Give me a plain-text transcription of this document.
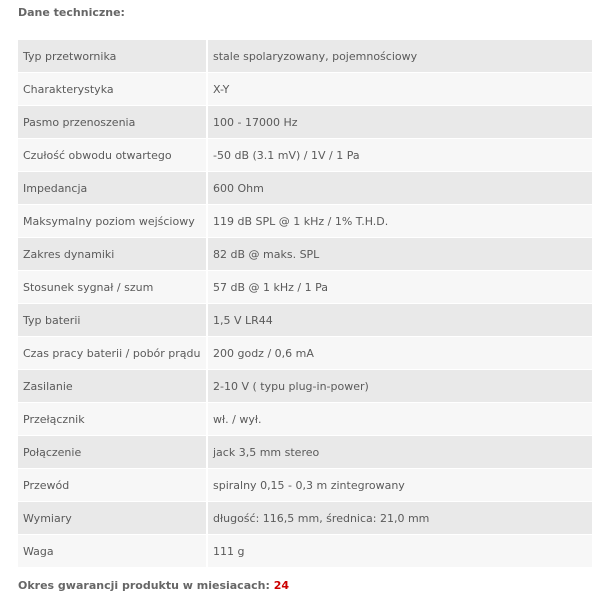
Dane techniczne:
Typ przetwornika	stale spolaryzowany, pojemnościowy
Charakterystyka	X-Y
Pasmo przenoszenia	100 - 17000 Hz
Czułość obwodu otwartego	-50 dB (3.1 mV) / 1V / 1 Pa
Impedancja	600 Ohm
Maksymalny poziom wejściowy	119 dB SPL @ 1 kHz / 1% T.H.D.
Zakres dynamiki	82 dB @ maks. SPL
Stosunek sygnał / szum	57 dB @ 1 kHz / 1 Pa
Typ baterii	1,5 V LR44
Czas pracy baterii / pobór prądu	200 godz / 0,6 mA
Zasilanie	2-10 V ( typu plug-in-power)
Przełącznik	wł. / wył.
Połączenie	jack 3,5 mm stereo
Przewód	spiralny 0,15 - 0,3 m zintegrowany
Wymiary	długość: 116,5 mm, średnica: 21,0 mm
Waga	111 g
Okres gwarancji produktu w miesiacach: 24
